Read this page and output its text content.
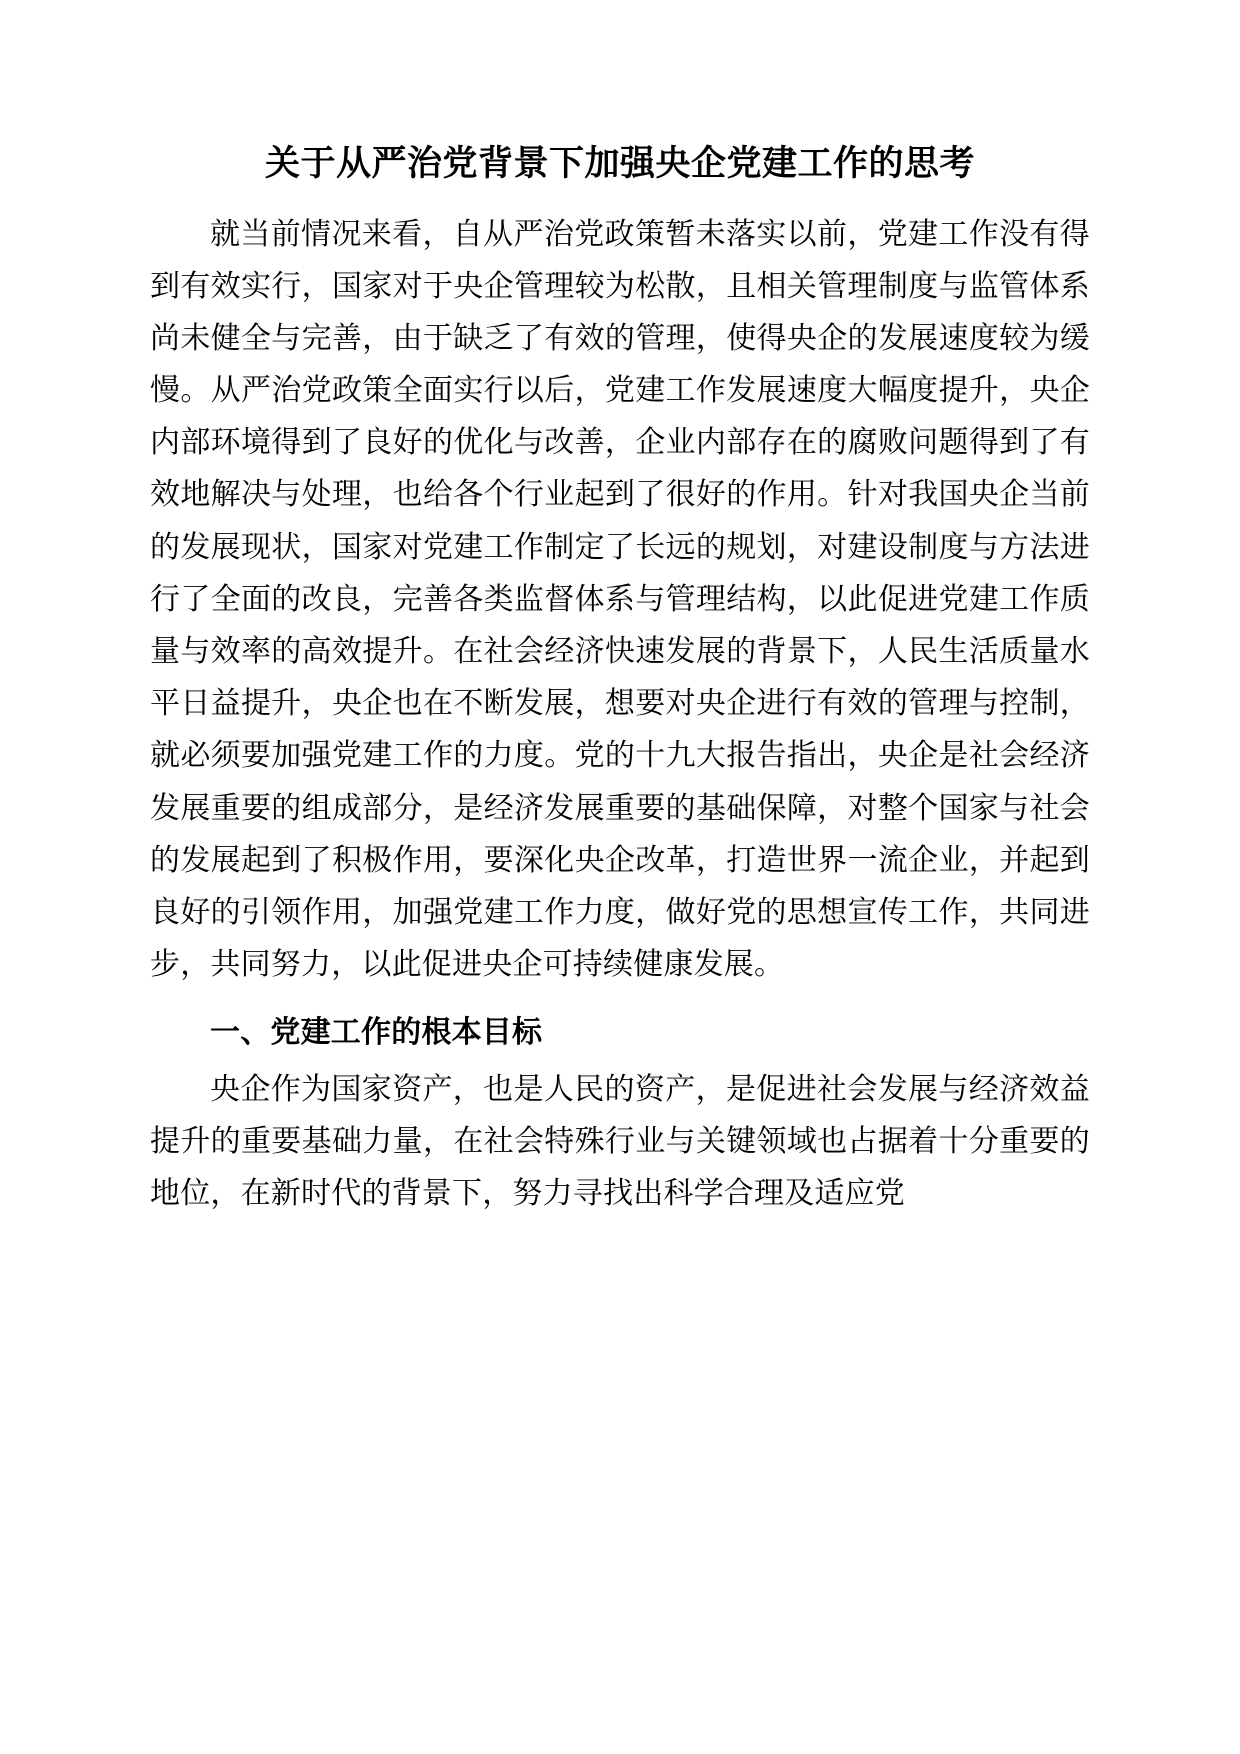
关于从严治党背景下加强央企党建工作的思考

就当前情况来看，自从严治党政策暂未落实以前，党建工作没有得到有效实行，国家对于央企管理较为松散，且相关管理制度与监管体系尚未健全与完善，由于缺乏了有效的管理，使得央企的发展速度较为缓慢。从严治党政策全面实行以后，党建工作发展速度大幅度提升，央企内部环境得到了良好的优化与改善，企业内部存在的腐败问题得到了有效地解决与处理，也给各个行业起到了很好的作用。针对我国央企当前的发展现状，国家对党建工作制定了长远的规划，对建设制度与方法进行了全面的改良，完善各类监督体系与管理结构，以此促进党建工作质量与效率的高效提升。在社会经济快速发展的背景下，人民生活质量水平日益提升，央企也在不断发展，想要对央企进行有效的管理与控制，就必须要加强党建工作的力度。党的十九大报告指出，央企是社会经济发展重要的组成部分，是经济发展重要的基础保障，对整个国家与社会的发展起到了积极作用，要深化央企改革，打造世界一流企业，并起到良好的引领作用，加强党建工作力度，做好党的思想宣传工作，共同进步，共同努力，以此促进央企可持续健康发展。

一、党建工作的根本目标

央企作为国家资产，也是人民的资产，是促进社会发展与经济效益提升的重要基础力量，在社会特殊行业与关键领域也占据着十分重要的地位，在新时代的背景下，努力寻找出科学合理及适应党
